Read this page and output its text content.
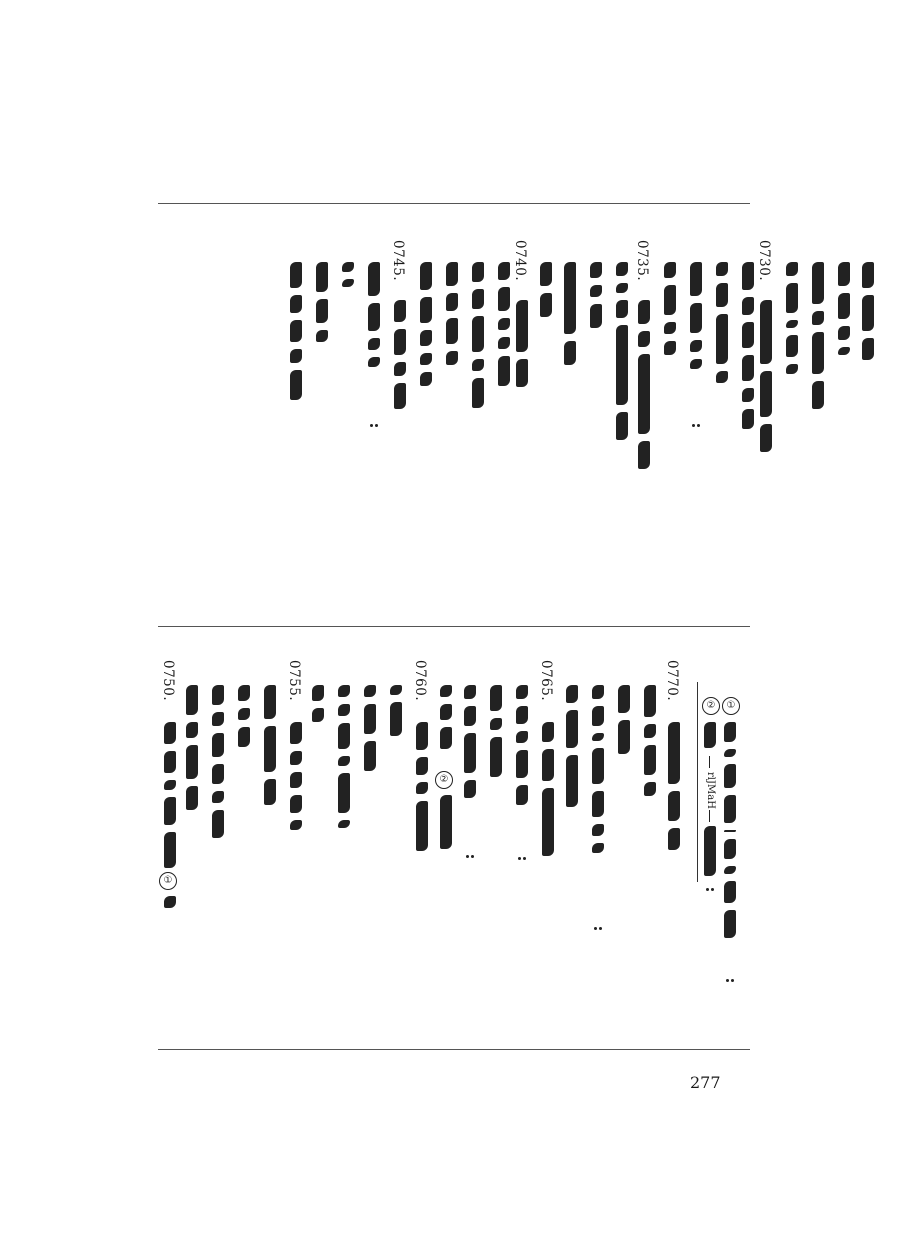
0745.	0740.	0735.	0730.
②
rlJMaH
①
0770.
0765.
②
0760.
0755.
0750.
①
277
